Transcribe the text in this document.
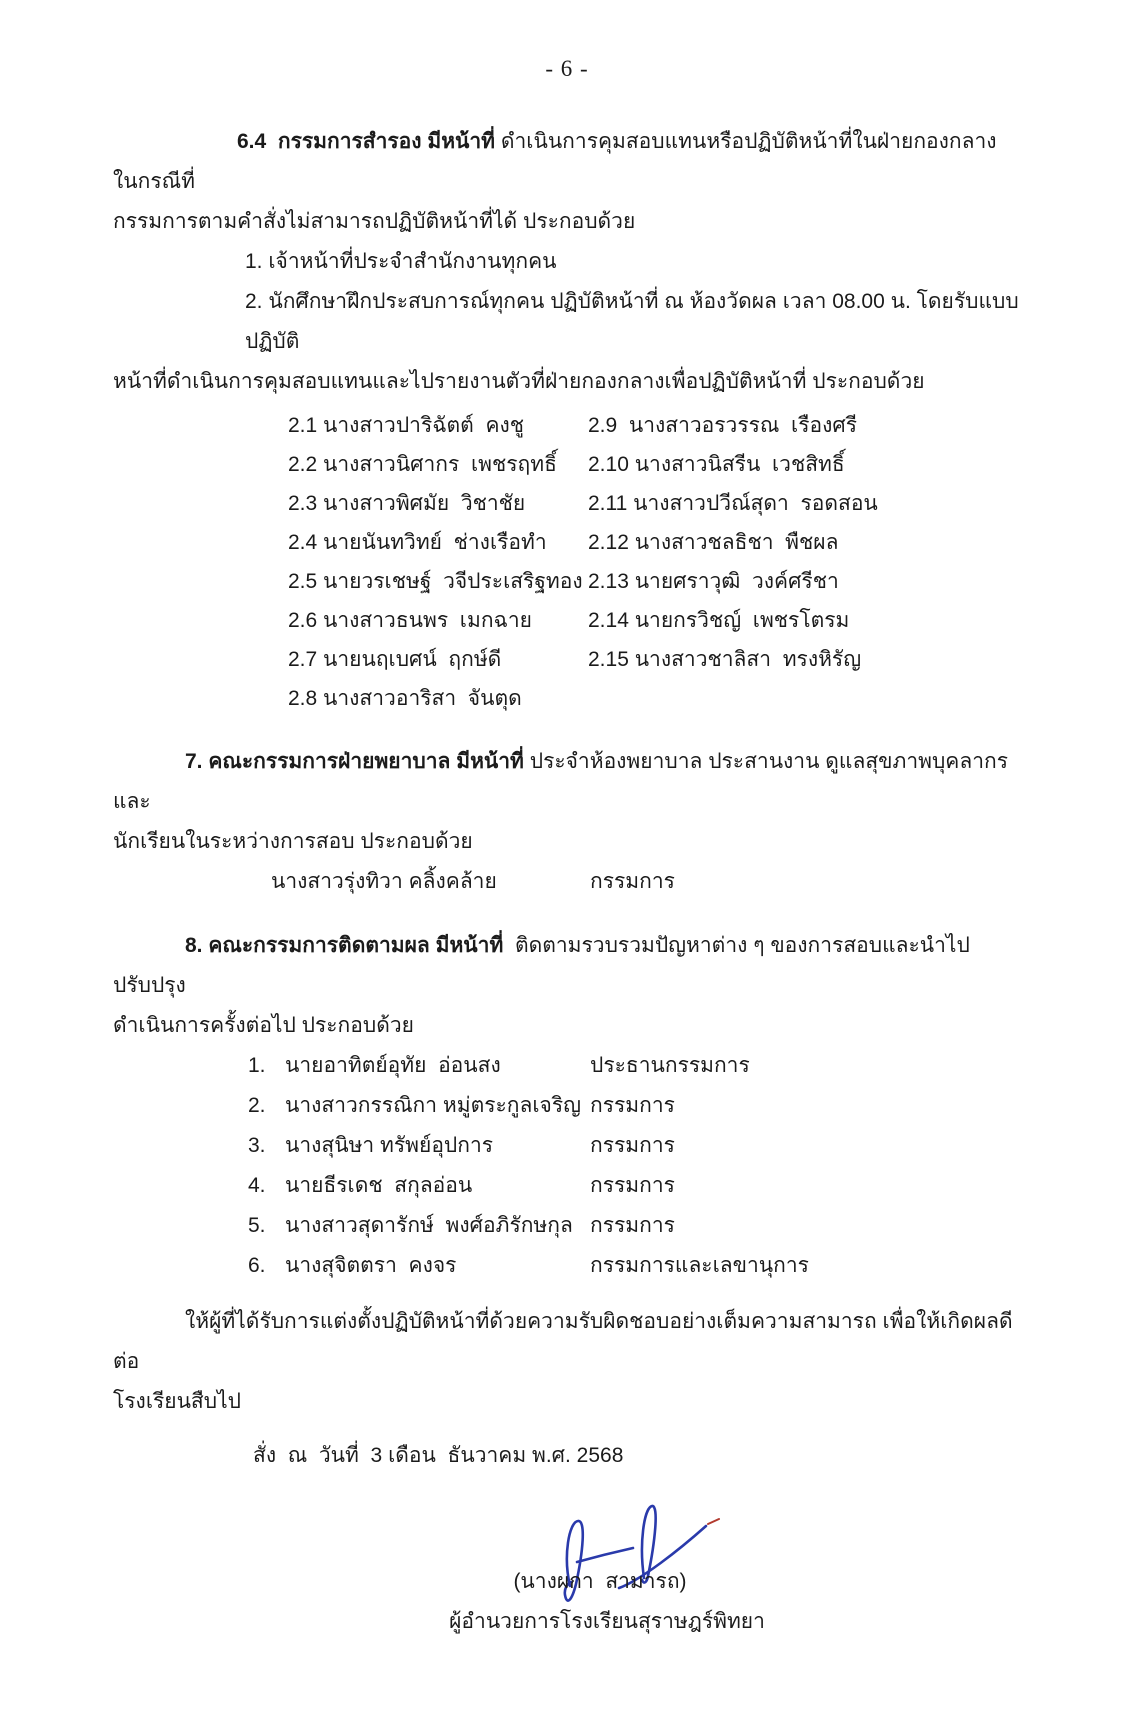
- 6 -
6.4  กรรมการสำรอง มีหน้าที่ ดำเนินการคุมสอบแทนหรือปฏิบัติหน้าที่ในฝ่ายกองกลาง ในกรณีที่
กรรมการตามคำสั่งไม่สามารถปฏิบัติหน้าที่ได้ ประกอบด้วย
1. เจ้าหน้าที่ประจำสำนักงานทุกคน
2. นักศึกษาฝึกประสบการณ์ทุกคน ปฏิบัติหน้าที่ ณ ห้องวัดผล เวลา 08.00 น. โดยรับแบบปฏิบัติ
หน้าที่ดำเนินการคุมสอบแทนและไปรายงานตัวที่ฝ่ายกองกลางเพื่อปฏิบัติหน้าที่ ประกอบด้วย
2.1 นางสาวปาริฉัตต์  คงชู	2.9  นางสาวอรวรรณ  เรืองศรี
2.2 นางสาวนิศากร  เพชรฤทธิ์	2.10 นางสาวนิสรีน  เวชสิทธิ์
2.3 นางสาวพิศมัย  วิชาชัย	2.11 นางสาวปวีณ์สุดา  รอดสอน
2.4 นายนันทวิทย์  ช่างเรือทำ	2.12 นางสาวชลธิชา  พืชผล
2.5 นายวรเชษฐ์  วจีประเสริฐทอง 2.13 นายศราวุฒิ  วงค์ศรีชา
2.6 นางสาวธนพร  เมกฉาย	2.14 นายกรวิชญ์  เพชรโตรม
2.7 นายนฤเบศน์  ฤกษ์ดี	2.15 นางสาวชาลิสา  ทรงหิรัญ
2.8 นางสาวอาริสา  จันตุด
7. คณะกรรมการฝ่ายพยาบาล มีหน้าที่ ประจำห้องพยาบาล ประสานงาน ดูแลสุขภาพบุคลากรและ
นักเรียนในระหว่างการสอบ ประกอบด้วย
นางสาวรุ่งทิวา คลิ้งคล้าย	กรรมการ
8. คณะกรรมการติดตามผล มีหน้าที่  ติดตามรวบรวมปัญหาต่าง ๆ ของการสอบและนำไปปรับปรุง
ดำเนินการครั้งต่อไป ประกอบด้วย
1. นายอาทิตย์อุทัย  อ่อนสง	ประธานกรรมการ
2. นางสาวกรรณิกา หมู่ตระกูลเจริญ กรรมการ
3. นางสุนิษา ทรัพย์อุปการ	กรรมการ
4. นายธีรเดช  สกุลอ่อน	กรรมการ
5. นางสาวสุดารักษ์  พงศ์อภิรักษกุล กรรมการ
6. นางสุจิตตรา  คงจร	กรรมการและเลขานุการ
ให้ผู้ที่ได้รับการแต่งตั้งปฏิบัติหน้าที่ด้วยความรับผิดชอบอย่างเต็มความสามารถ เพื่อให้เกิดผลดีต่อ
โรงเรียนสืบไป
สั่ง  ณ  วันที่  3 เดือน  ธันวาคม พ.ศ. 2568
(นางผกา  สามารถ)
ผู้อำนวยการโรงเรียนสุราษฎร์พิทยา
